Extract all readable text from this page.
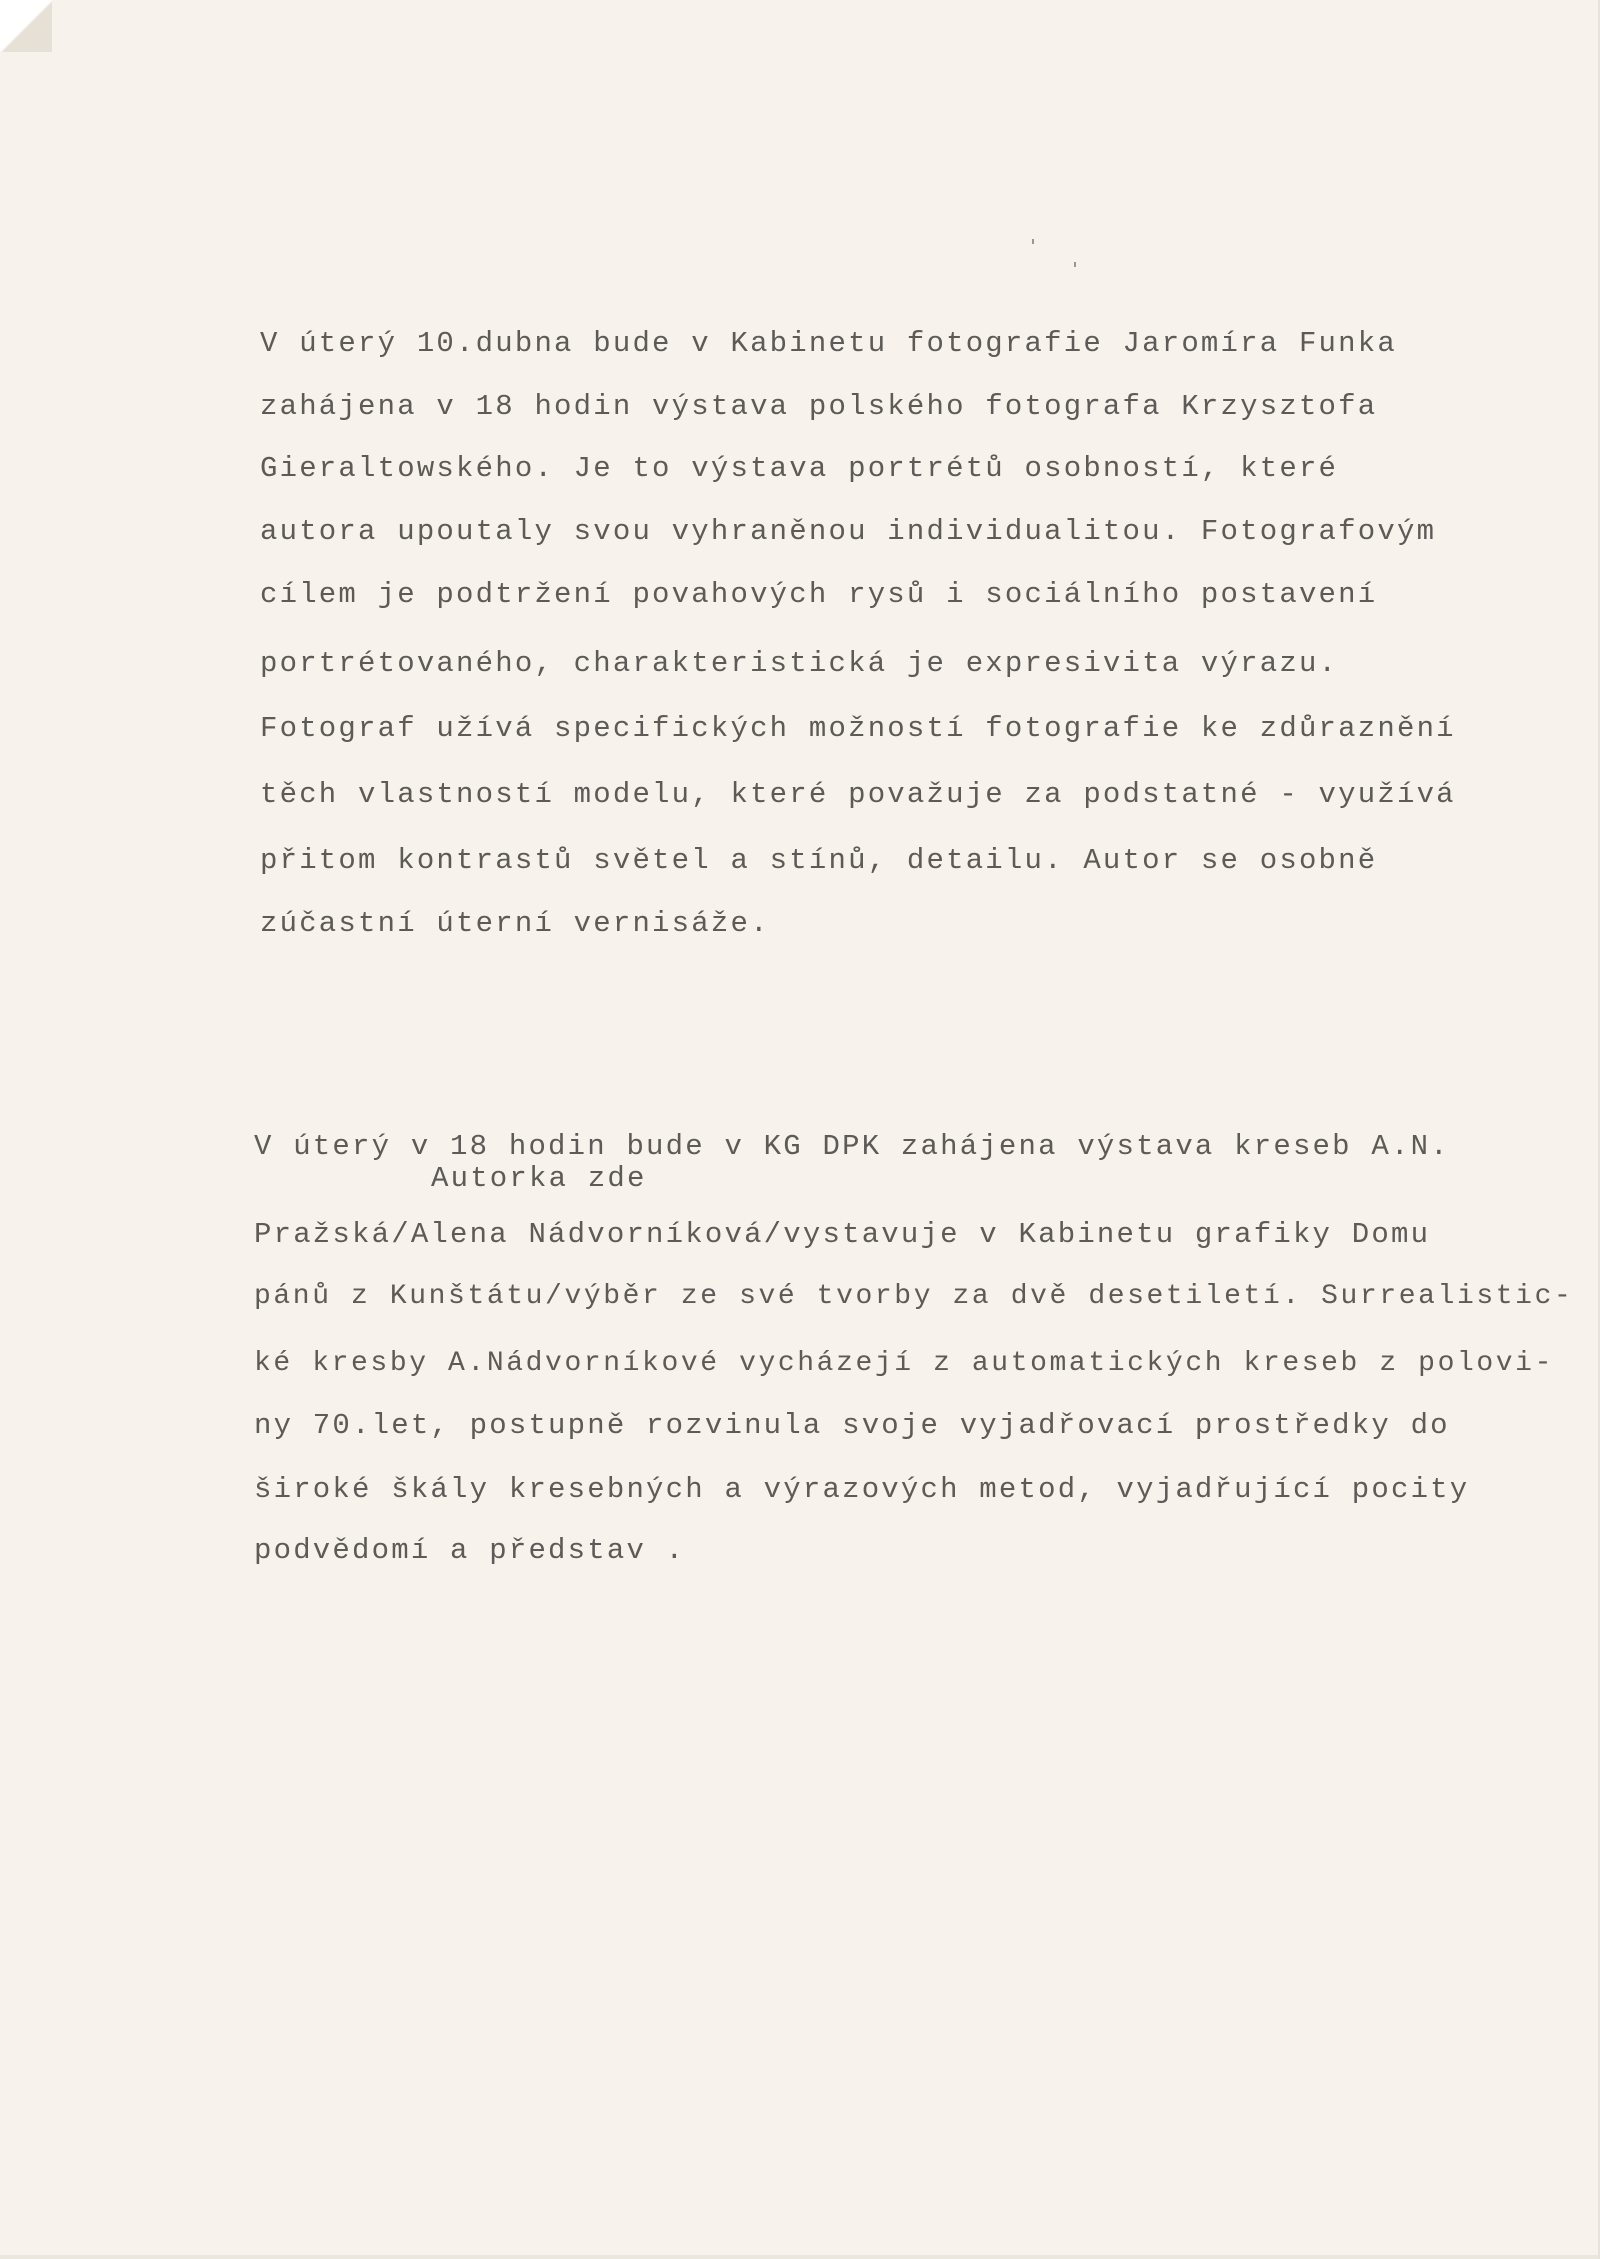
V úterý 10.dubna bude v Kabinetu fotografie Jaromíra Funka

zahájena v 18 hodin výstava polského fotografa Krzysztofa

Gieraltowského. Je to výstava portrétů osobností, které

autora upoutaly svou vyhraněnou individualitou. Fotografovým

cílem je podtržení povahových rysů i sociálního postavení

portrétovaného, charakteristická je expresivita výrazu.

Fotograf užívá specifických možností fotografie ke zdůraznění

těch vlastností modelu, které považuje za podstatné - využívá

přitom kontrastů světel a stínů, detailu. Autor se osobně

zúčastní úterní vernisáže.

V úterý v 18 hodin bude v KG DPK zahájena výstava kreseb A.N.

Autorka zde

Pražská/Alena Nádvorníková/vystavuje v Kabinetu grafiky Domu

pánů z Kunštátu/výběr ze své tvorby za dvě desetiletí. Surrealistic-

ké kresby A.Nádvorníkové vycházejí z automatických kreseb z polovi-

ny 70.let, postupně rozvinula svoje vyjadřovací prostředky do

široké škály kresebných a výrazových metod, vyjadřující pocity

podvědomí a představ .
